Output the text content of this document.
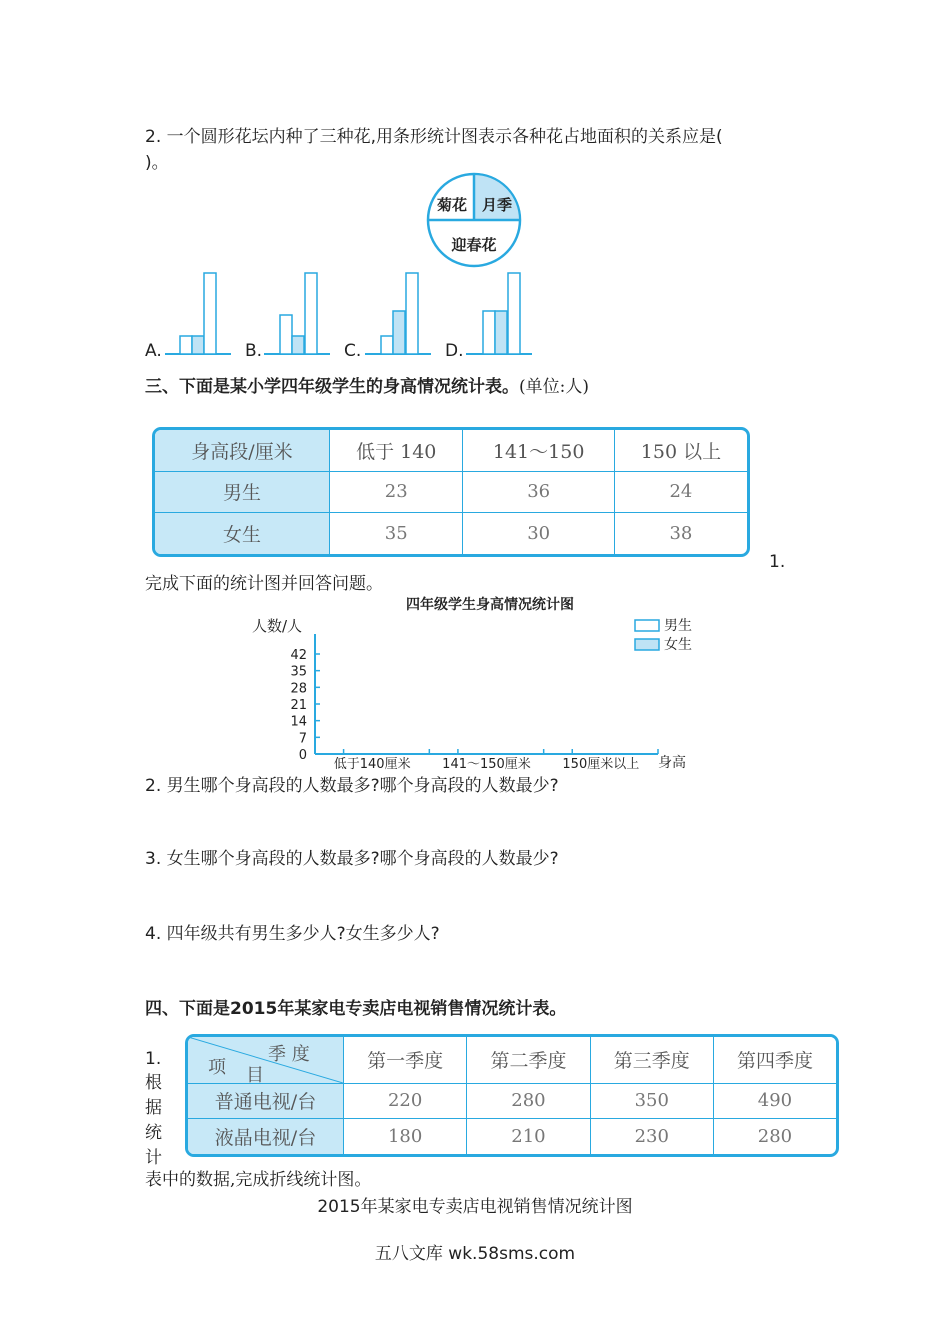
2. 一个圆形花坛内种了三种花,用条形统计图表示各种花占地面积的关系应是(
)。
菊花 月季
迎春花
A.	B.	C.	D.
三、下面是某小学四年级学生的身高情况统计表。(单位:人)
身高段/厘米	低于 140	141～150	150 以上
男生	23	36	24
女生	35	30	38
1.
完成下面的统计图并回答问题。
四年级学生身高情况统计图
人数/人
0
7
14
21
28
35
42
低于140厘米 141～150厘米 150厘米以上 身高
男生
女生
2. 男生哪个身高段的人数最多?哪个身高段的人数最少?
3. 女生哪个身高段的人数最多?哪个身高段的人数最少?
4. 四年级共有男生多少人?女生多少人?
四、下面是2015年某家电专卖店电视销售情况统计表。
1.
根
据
统
计
季 度
项 目	第一季度	第二季度	第三季度	第四季度
普通电视/台	220	280	350	490
液晶电视/台	180	210	230	280
表中的数据,完成折线统计图。
2015年某家电专卖店电视销售情况统计图
五八文库 wk.58sms.com
